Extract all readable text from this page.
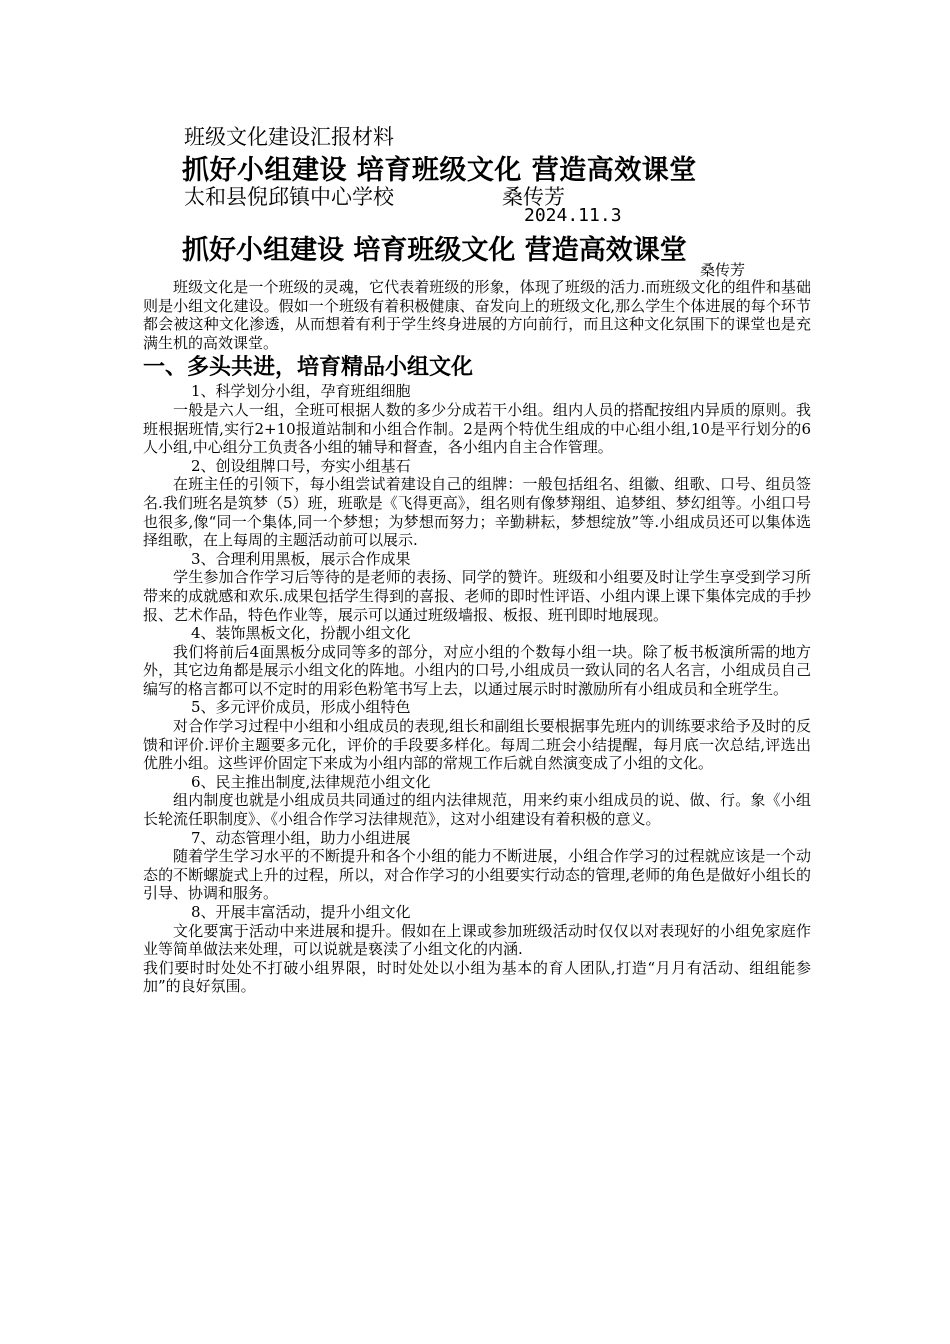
班级文化建设汇报材料
抓好小组建设 培育班级文化 营造高效课堂
太和县倪邱镇中心学校	桑传芳
2024.11.3
抓好小组建设 培育班级文化 营造高效课堂
桑传芳

班级文化是一个班级的灵魂，它代表着班级的形象，体现了班级的活力.而班级文化的组件和基础则是小组文化建设。假如一个班级有着积极健康、奋发向上的班级文化,那么学生个体进展的每个环节都会被这种文化渗透，从而想着有利于学生终身进展的方向前行，而且这种文化氛围下的课堂也是充满生机的高效课堂。

一、多头共进，培育精品小组文化

1、科学划分小组，孕育班组细胞

一般是六人一组，全班可根据人数的多少分成若干小组。组内人员的搭配按组内异质的原则。我班根据班情,实行2+10报道站制和小组合作制。2是两个特优生组成的中心组小组,10是平行划分的6人小组,中心组分工负责各小组的辅导和督查，各小组内自主合作管理。

2、创设组牌口号，夯实小组基石

在班主任的引领下，每小组尝试着建设自己的组牌：一般包括组名、组徽、组歌、口号、组员签名.我们班名是筑梦（5）班，班歌是《飞得更高》，组名则有像梦翔组、追梦组、梦幻组等。小组口号也很多,像“同一个集体,同一个梦想；为梦想而努力；辛勤耕耘，梦想绽放”等.小组成员还可以集体选择组歌，在上每周的主题活动前可以展示.

3、合理利用黑板，展示合作成果

学生参加合作学习后等待的是老师的表扬、同学的赞许。班级和小组要及时让学生享受到学习所带来的成就感和欢乐.成果包括学生得到的喜报、老师的即时性评语、小组内课上课下集体完成的手抄报、艺术作品，特色作业等，展示可以通过班级墙报、板报、班刊即时地展现。

4、装饰黑板文化，扮靓小组文化

我们将前后4面黑板分成同等多的部分，对应小组的个数每小组一块。除了板书板演所需的地方外，其它边角都是展示小组文化的阵地。小组内的口号,小组成员一致认同的名人名言，小组成员自己编写的格言都可以不定时的用彩色粉笔书写上去，以通过展示时时激励所有小组成员和全班学生。

5、多元评价成员，形成小组特色

对合作学习过程中小组和小组成员的表现,组长和副组长要根据事先班内的训练要求给予及时的反馈和评价.评价主题要多元化，评价的手段要多样化。每周二班会小结提醒，每月底一次总结,评选出优胜小组。这些评价固定下来成为小组内部的常规工作后就自然演变成了小组的文化。

6、民主推出制度,法律规范小组文化

组内制度也就是小组成员共同通过的组内法律规范，用来约束小组成员的说、做、行。象《小组长轮流任职制度》、《小组合作学习法律规范》，这对小组建设有着积极的意义。

7、动态管理小组，助力小组进展

随着学生学习水平的不断提升和各个小组的能力不断进展，小组合作学习的过程就应该是一个动态的不断螺旋式上升的过程，所以，对合作学习的小组要实行动态的管理,老师的角色是做好小组长的引导、协调和服务。

8、开展丰富活动，提升小组文化

文化要寓于活动中来进展和提升。假如在上课或参加班级活动时仅仅以对表现好的小组免家庭作业等简单做法来处理，可以说就是亵渎了小组文化的内涵.

我们要时时处处不打破小组界限，时时处处以小组为基本的育人团队,打造“月月有活动、组组能参加”的良好氛围。
